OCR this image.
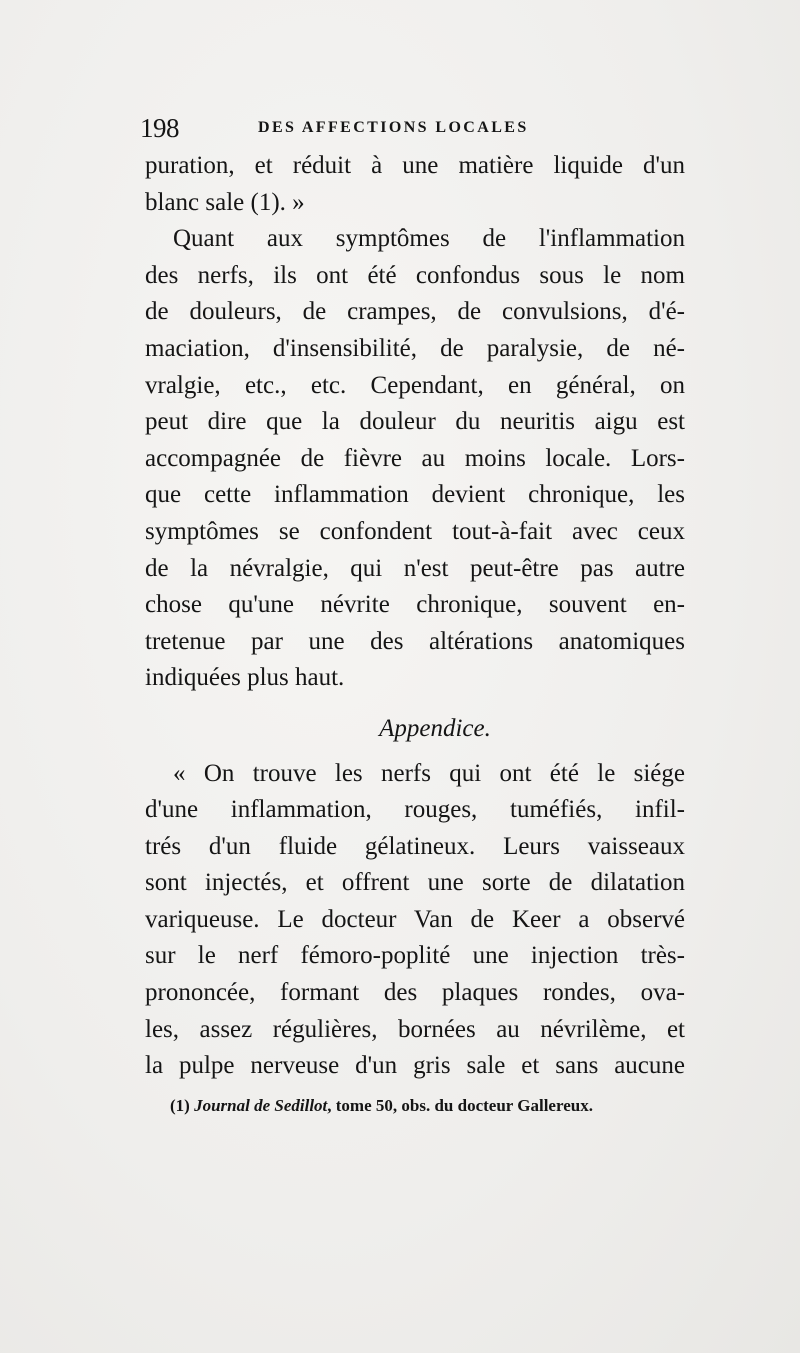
198	DES AFFECTIONS LOCALES
puration, et réduit à une matière liquide d'un
blanc sale (1). »
Quant aux symptômes de l'inflammation
des nerfs, ils ont été confondus sous le nom
de douleurs, de crampes, de convulsions, d'é-
maciation, d'insensibilité, de paralysie, de né-
vralgie, etc., etc. Cependant, en général, on
peut dire que la douleur du neuritis aigu est
accompagnée de fièvre au moins locale. Lors-
que cette inflammation devient chronique, les
symptômes se confondent tout-à-fait avec ceux
de la névralgie, qui n'est peut-être pas autre
chose qu'une névrite chronique, souvent en-
tretenue par une des altérations anatomiques
indiquées plus haut.
Appendice.
« On trouve les nerfs qui ont été le siége
d'une inflammation, rouges, tuméfiés, infil-
trés d'un fluide gélatineux. Leurs vaisseaux
sont injectés, et offrent une sorte de dilatation
variqueuse. Le docteur Van de Keer a observé
sur le nerf fémoro-poplité une injection très-
prononcée, formant des plaques rondes, ova-
les, assez régulières, bornées au névrilème, et
la pulpe nerveuse d'un gris sale et sans aucune
(1) Journal de Sedillot, tome 50, obs. du docteur Gallereux.
